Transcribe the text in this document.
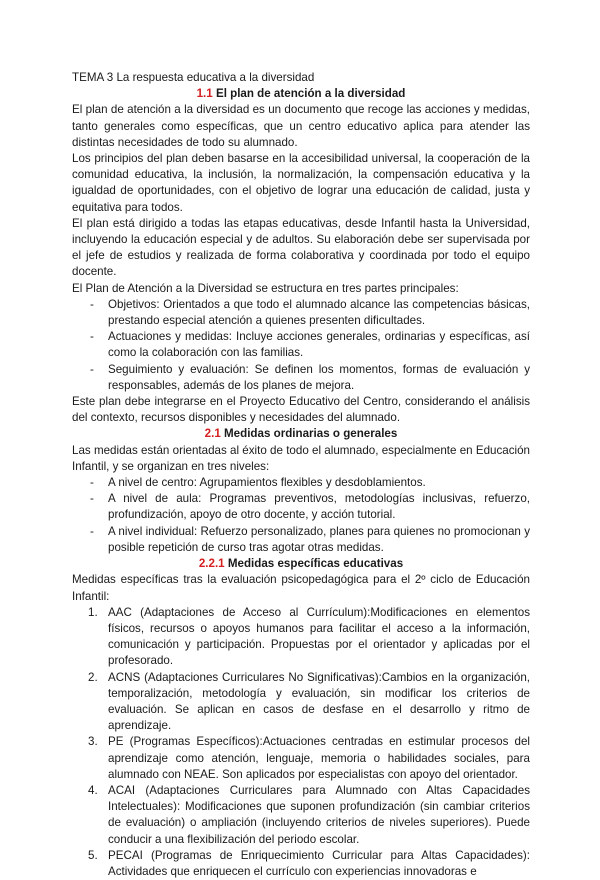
TEMA 3 La respuesta educativa a la diversidad

1.1 El plan de atención a la diversidad

El plan de atención a la diversidad es un documento que recoge las acciones y medidas, tanto generales como específicas, que un centro educativo aplica para atender las distintas necesidades de todo su alumnado.

Los principios del plan deben basarse en la accesibilidad universal, la cooperación de la comunidad educativa, la inclusión, la normalización, la compensación educativa y la igualdad de oportunidades, con el objetivo de lograr una educación de calidad, justa y equitativa para todos.

El plan está dirigido a todas las etapas educativas, desde Infantil hasta la Universidad, incluyendo la educación especial y de adultos. Su elaboración debe ser supervisada por el jefe de estudios y realizada de forma colaborativa y coordinada por todo el equipo docente.

El Plan de Atención a la Diversidad se estructura en tres partes principales:

- Objetivos: Orientados a que todo el alumnado alcance las competencias básicas, prestando especial atención a quienes presenten dificultades.
- Actuaciones y medidas: Incluye acciones generales, ordinarias y específicas, así como la colaboración con las familias.
- Seguimiento y evaluación: Se definen los momentos, formas de evaluación y responsables, además de los planes de mejora.

Este plan debe integrarse en el Proyecto Educativo del Centro, considerando el análisis del contexto, recursos disponibles y necesidades del alumnado.

2.1 Medidas ordinarias o generales

Las medidas están orientadas al éxito de todo el alumnado, especialmente en Educación Infantil, y se organizan en tres niveles:

- A nivel de centro: Agrupamientos flexibles y desdoblamientos.
- A nivel de aula: Programas preventivos, metodologías inclusivas, refuerzo, profundización, apoyo de otro docente, y acción tutorial.
- A nivel individual: Refuerzo personalizado, planes para quienes no promocionan y posible repetición de curso tras agotar otras medidas.
2.2.1 Medidas específicas educativas

Medidas específicas tras la evaluación psicopedagógica para el 2º ciclo de Educación Infantil:

1. AAC (Adaptaciones de Acceso al Currículum):Modificaciones en elementos físicos, recursos o apoyos humanos para facilitar el acceso a la información, comunicación y participación. Propuestas por el orientador y aplicadas por el profesorado.
2. ACNS (Adaptaciones Curriculares No Significativas):Cambios en la organización, temporalización, metodología y evaluación, sin modificar los criterios de evaluación. Se aplican en casos de desfase en el desarrollo y ritmo de aprendizaje.
3. PE (Programas Específicos):Actuaciones centradas en estimular procesos del aprendizaje como atención, lenguaje, memoria o habilidades sociales, para alumnado con NEAE. Son aplicados por especialistas con apoyo del orientador.
4. ACAI (Adaptaciones Curriculares para Alumnado con Altas Capacidades Intelectuales): Modificaciones que suponen profundización (sin cambiar criterios de evaluación) o ampliación (incluyendo criterios de niveles superiores). Puede conducir a una flexibilización del periodo escolar.
5. PECAI (Programas de Enriquecimiento Curricular para Altas Capacidades): Actividades que enriquecen el currículo con experiencias innovadoras e
